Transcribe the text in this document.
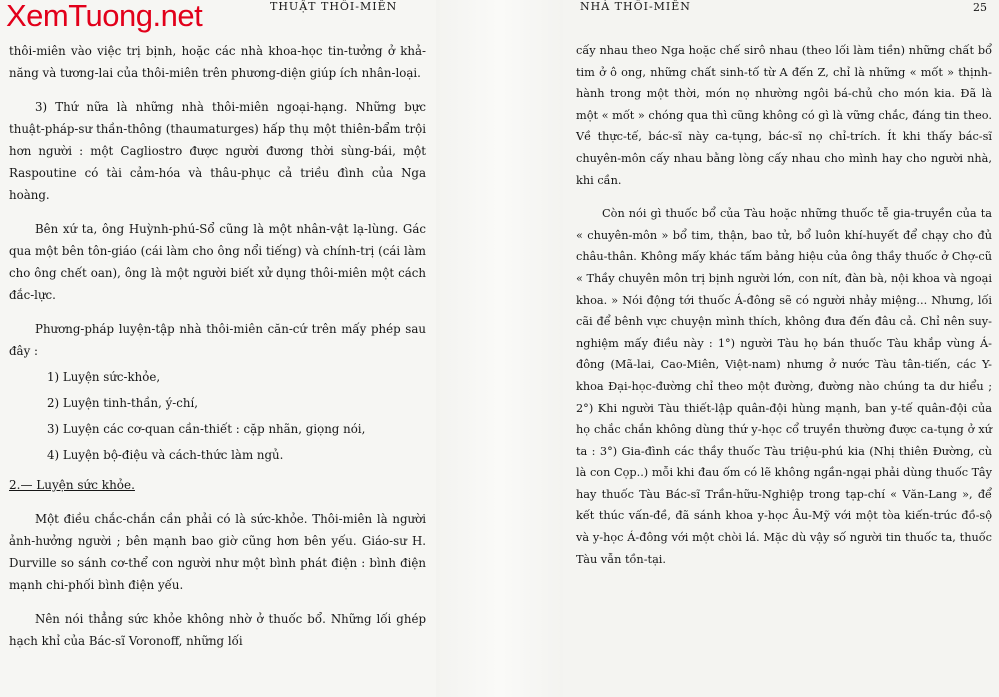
THUẬT THÔI-MIÊN

thôi-miên vào việc trị bịnh, hoặc các nhà khoa-học tin-tưởng ở khả-năng và tương-lai của thôi-miên trên phương-diện giúp ích nhân-loại.

3) Thứ nữa là những nhà thôi-miên ngoại-hạng. Những bực thuật-pháp-sư thần-thông (thaumaturges) hấp thụ một thiên-bẩm trội hơn người : một Cagliostro được người đương thời sùng-bái, một Raspoutine có tài cảm-hóa và thâu-phục cả triều đình của Nga hoàng.

Bên xứ ta, ông Huỳnh-phú-Sổ cũng là một nhân-vật lạ-lùng. Gác qua một bên tôn-giáo (cái làm cho ông nổi tiếng) và chính-trị (cái làm cho ông chết oan), ông là một người biết xử dụng thôi-miên một cách đắc-lực.

Phương-pháp luyện-tập nhà thôi-miên căn-cứ trên mấy phép sau đây :

1) Luyện sức-khỏe,
2) Luyện tinh-thần, ý-chí,
3) Luyện các cơ-quan cần-thiết : cặp nhãn, giọng nói,
4) Luyện bộ-điệu và cách-thức làm ngủ.
2.— Luyện sức khỏe.

Một điều chắc-chắn cần phải có là sức-khỏe. Thôi-miên là người ảnh-hưởng người ; bên mạnh bao giờ cũng hơn bên yếu. Giáo-sư H. Durville so sánh cơ-thể con người như một bình phát điện : bình điện mạnh chi-phối bình điện yếu.

Nên nói thẳng sức khỏe không nhờ ở thuốc bổ. Những lối ghép hạch khỉ của Bác-sĩ Voronoff, những lối

NHÀ THÔI-MIÊN	25

cấy nhau theo Nga hoặc chế sirô nhau (theo lối làm tiền) những chất bổ tim ở ô ong, những chất sinh-tố từ A đến Z, chỉ là những « mốt » thịnh-hành trong một thời, món nọ nhường ngôi bá-chủ cho món kia. Đã là một « mốt » chóng qua thì cũng không có gì là vững chắc, đáng tin theo. Về thực-tế, bác-sĩ này ca-tụng, bác-sĩ nọ chỉ-trích. Ít khi thấy bác-sĩ chuyên-môn cấy nhau bằng lòng cấy nhau cho mình hay cho người nhà, khi cần.

Còn nói gì thuốc bổ của Tàu hoặc những thuốc tễ gia-truyền của ta « chuyên-môn » bổ tim, thận, bao tử, bổ luôn khí-huyết để chạy cho đủ châu-thân. Không mấy khác tấm bảng hiệu của ông thầy thuốc ở Chợ-cũ « Thầy chuyên môn trị bịnh người lớn, con nít, đàn bà, nội khoa và ngoại khoa. » Nói động tới thuốc Á-đông sẽ có người nhảy miệng... Nhưng, lối cãi để bênh vực chuyện mình thích, không đưa đến đâu cả. Chỉ nên suy-nghiệm mấy điều này : 1°) người Tàu họ bán thuốc Tàu khắp vùng Á-đông (Mã-lai, Cao-Miên, Việt-nam) nhưng ở nước Tàu tân-tiến, các Y-khoa Đại-học-đường chỉ theo một đường, đường nào chúng ta dư hiểu ; 2°) Khi người Tàu thiết-lập quân-đội hùng mạnh, ban y-tế quân-đội của họ chắc chắn không dùng thứ y-học cổ truyền thường được ca-tụng ở xứ ta : 3°) Gia-đình các thầy thuốc Tàu triệu-phú kia (Nhị thiên Đường, cù là con Cọp..) mỗi khi đau ốm có lẽ không ngần-ngại phải dùng thuốc Tây hay thuốc Tàu Bác-sĩ Trần-hữu-Nghiệp trong tạp-chí « Văn-Lang », để kết thúc vấn-đề, đã sánh khoa y-học Âu-Mỹ với một tòa kiến-trúc đồ-sộ và y-học Á-đông với một chòi lá. Mặc dù vậy số người tin thuốc ta, thuốc Tàu vẫn tồn-tại.

XemTuong.net
